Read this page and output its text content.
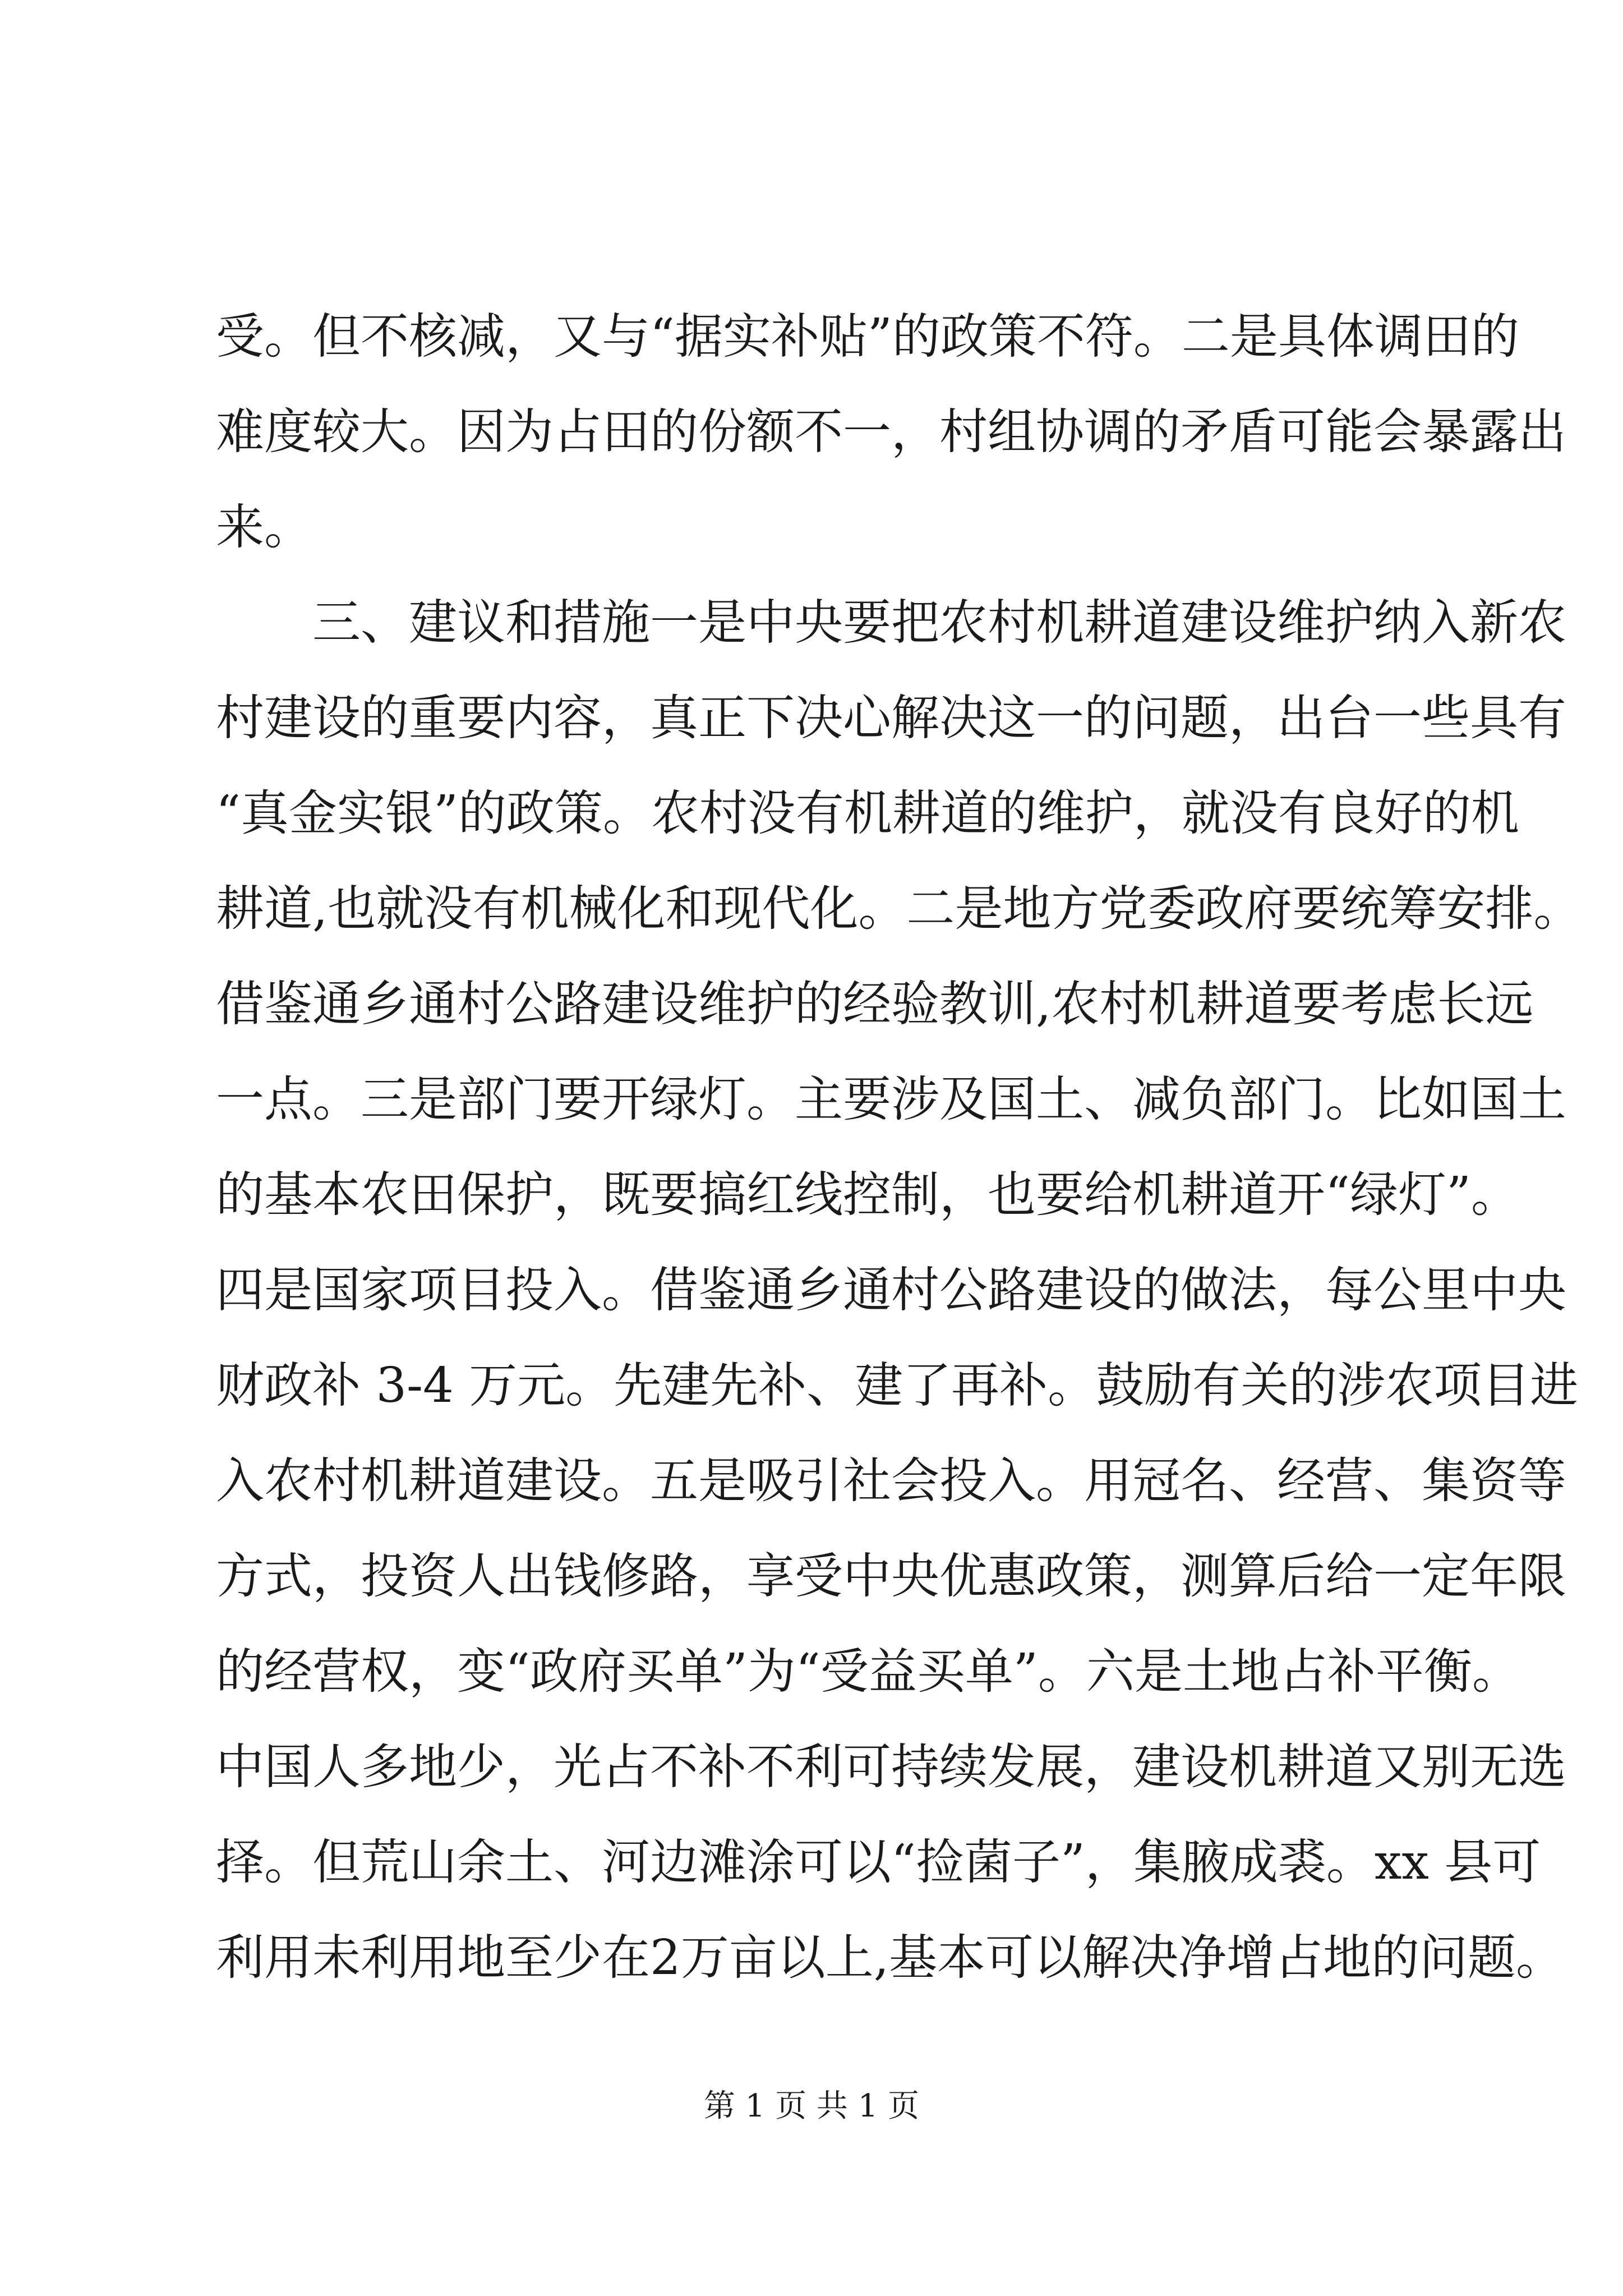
受。但不核减，又与“据实补贴”的政策不符。二是具体调田的
难度较大。因为占田的份额不一，村组协调的矛盾可能会暴露出
来。
　　三、建议和措施一是中央要把农村机耕道建设维护纳入新农
村建设的重要内容，真正下决心解决这一的问题，出台一些具有
“真金实银”的政策。农村没有机耕道的维护，就没有良好的机
耕道,也就没有机械化和现代化。二是地方党委政府要统筹安排。
借鉴通乡通村公路建设维护的经验教训,农村机耕道要考虑长远
一点。三是部门要开绿灯。主要涉及国土、减负部门。比如国土
的基本农田保护，既要搞红线控制，也要给机耕道开“绿灯”。
四是国家项目投入。借鉴通乡通村公路建设的做法，每公里中央
财政补 3-4 万元。先建先补、建了再补。鼓励有关的涉农项目进
入农村机耕道建设。五是吸引社会投入。用冠名、经营、集资等
方式，投资人出钱修路，享受中央优惠政策，测算后给一定年限
的经营权，变“政府买单”为“受益买单”。六是土地占补平衡。
中国人多地少，光占不补不利可持续发展，建设机耕道又别无选
择。但荒山余土、河边滩涂可以“捡菌子”，集腋成裘。xx 县可
利用未利用地至少在2万亩以上,基本可以解决净增占地的问题。
第 1 页 共 1 页
